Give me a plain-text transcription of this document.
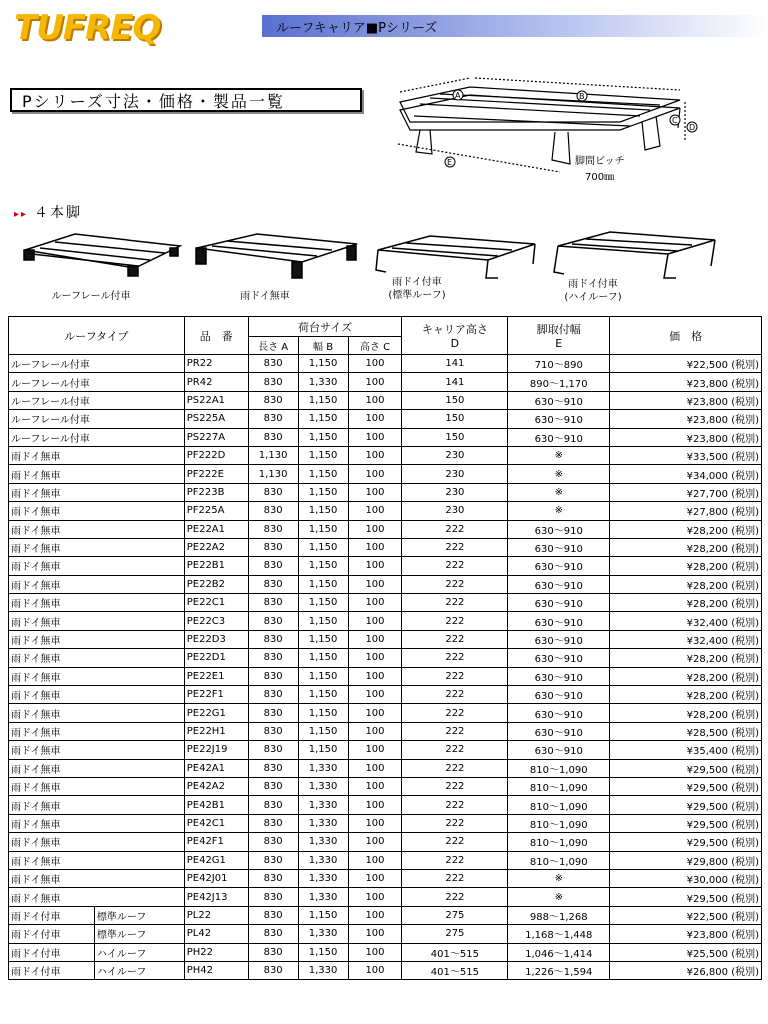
TUFREQ	ルーフキャリア■Pシリーズ
Pシリーズ寸法・価格・製品一覧	A	B
C
D
E	脚間ピッチ
700㎜
▸▸ ４本脚
ルーフレール付車	雨ドイ無車
雨ドイ付車
(標準ルーフ)
雨ドイ付車
(ハイルーフ)
ルーフタイプ		品　番	荷台サイズ			キャリア高さ
D	脚取付幅
E	価　格
			長さ A	幅 B	高さ C			
ルーフレール付車		PR22	830	1,150	100	141	710～890	¥22,500 (税別)
ルーフレール付車		PR42	830	1,330	100	141	890～1,170	¥23,800 (税別)
ルーフレール付車		PS22A1	830	1,150	100	150	630～910	¥23,800 (税別)
ルーフレール付車		PS225A	830	1,150	100	150	630～910	¥23,800 (税別)
ルーフレール付車		PS227A	830	1,150	100	150	630～910	¥23,800 (税別)
雨ドイ無車		PF222D	1,130	1,150	100	230	※	¥33,500 (税別)
雨ドイ無車		PF222E	1,130	1,150	100	230	※	¥34,000 (税別)
雨ドイ無車		PF223B	830	1,150	100	230	※	¥27,700 (税別)
雨ドイ無車		PF225A	830	1,150	100	230	※	¥27,800 (税別)
雨ドイ無車		PE22A1	830	1,150	100	222	630～910	¥28,200 (税別)
雨ドイ無車		PE22A2	830	1,150	100	222	630～910	¥28,200 (税別)
雨ドイ無車		PE22B1	830	1,150	100	222	630～910	¥28,200 (税別)
雨ドイ無車		PE22B2	830	1,150	100	222	630～910	¥28,200 (税別)
雨ドイ無車		PE22C1	830	1,150	100	222	630～910	¥28,200 (税別)
雨ドイ無車		PE22C3	830	1,150	100	222	630～910	¥32,400 (税別)
雨ドイ無車		PE22D3	830	1,150	100	222	630～910	¥32,400 (税別)
雨ドイ無車		PE22D1	830	1,150	100	222	630～910	¥28,200 (税別)
雨ドイ無車		PE22E1	830	1,150	100	222	630～910	¥28,200 (税別)
雨ドイ無車		PE22F1	830	1,150	100	222	630～910	¥28,200 (税別)
雨ドイ無車		PE22G1	830	1,150	100	222	630～910	¥28,200 (税別)
雨ドイ無車		PE22H1	830	1,150	100	222	630～910	¥28,500 (税別)
雨ドイ無車		PE22J19	830	1,150	100	222	630～910	¥35,400 (税別)
雨ドイ無車		PE42A1	830	1,330	100	222	810～1,090	¥29,500 (税別)
雨ドイ無車		PE42A2	830	1,330	100	222	810～1,090	¥29,500 (税別)
雨ドイ無車		PE42B1	830	1,330	100	222	810～1,090	¥29,500 (税別)
雨ドイ無車		PE42C1	830	1,330	100	222	810～1,090	¥29,500 (税別)
雨ドイ無車		PE42F1	830	1,330	100	222	810～1,090	¥29,500 (税別)
雨ドイ無車		PE42G1	830	1,330	100	222	810～1,090	¥29,800 (税別)
雨ドイ無車		PE42J01	830	1,330	100	222	※	¥30,000 (税別)
雨ドイ無車		PE42J13	830	1,330	100	222	※	¥29,500 (税別)
雨ドイ付車	標準ルーフ	PL22	830	1,150	100	275	988～1,268	¥22,500 (税別)
雨ドイ付車	標準ルーフ	PL42	830	1,330	100	275	1,168～1,448	¥23,800 (税別)
雨ドイ付車	ハイルーフ	PH22	830	1,150	100	401～515	1,046～1,414	¥25,500 (税別)
雨ドイ付車	ハイルーフ	PH42	830	1,330	100	401～515	1,226～1,594	¥26,800 (税別)
